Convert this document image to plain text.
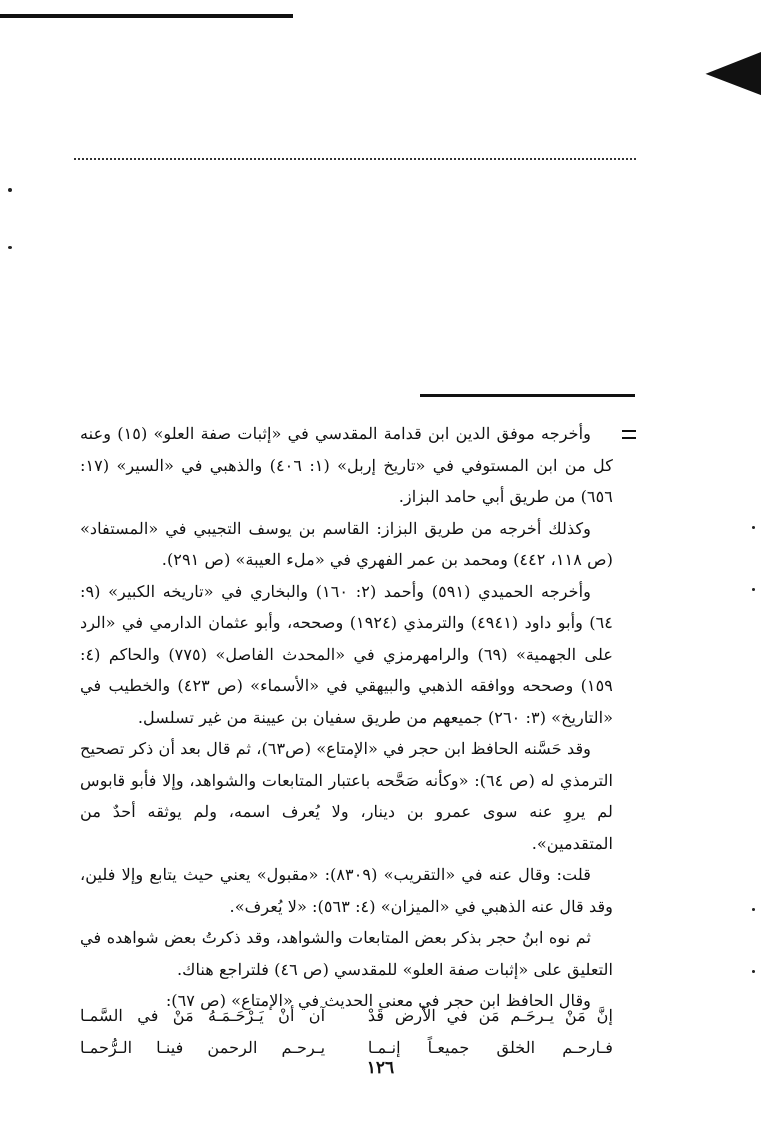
وأخرجه موفق الدين ابن قدامة المقدسي في «إثبات صفة العلو» (١٥) وعنه كل من ابن المستوفي في «تاريخ إربل» (١: ٤٠٦) والذهبي في «السير» (١٧: ٦٥٦) من طريق أبي حامد البزاز.

وكذلك أخرجه من طريق البزاز: القاسم بن يوسف التجيبي في «المستفاد» (ص ١١٨، ٤٤٢) ومحمد بن عمر الفهري في «ملء العيبة» (ص ٢٩١).

وأخرجه الحميدي (٥٩١) وأحمد (٢: ١٦٠) والبخاري في «تاريخه الكبير» (٩: ٦٤) وأبو داود (٤٩٤١) والترمذي (١٩٢٤) وصححه، وأبو عثمان الدارمي في «الرد على الجهمية» (٦٩) والرامهرمزي في «المحدث الفاصل» (٧٧٥) والحاكم (٤: ١٥٩) وصححه ووافقه الذهبي والبيهقي في «الأسماء» (ص ٤٢٣) والخطيب في «التاريخ» (٣: ٢٦٠) جميعهم من طريق سفيان بن عيينة من غير تسلسل.

وقد حَسَّنه الحافظ ابن حجر في «الإمتاع» (ص٦٣)، ثم قال بعد أن ذكر تصحيح الترمذي له (ص ٦٤): «وكأنه صَحَّحه باعتبار المتابعات والشواهد، وإلا فأبو قابوس لم يروِ عنه سوى عمرو بن دينار، ولا يُعرف اسمه، ولم يوثقه أحدٌ من المتقدمين».

قلت: وقال عنه في «التقريب» (٨٣٠٩): «مقبول» يعني حيث يتابع وإلا فلين، وقد قال عنه الذهبي في «الميزان» (٤: ٥٦٣): «لا يُعرف».

ثم نوه ابنُ حجر بذكر بعض المتابعات والشواهد، وقد ذكرتُ بعض شواهده في التعليق على «إثبات صفة العلو» للمقدسي (ص ٤٦) فلتراجع هناك.

وقال الحافظ ابن حجر في معنى الحديث في «الإمتاع» (ص ٦٧):

إنَّ مَنْ يـرحَـم مَن في الأرض قَدْ
آن أنْ يَـرْحَـمَـهُ مَنْ في السَّمـا
فـارحـم الخلق جميعـاً إنـمـا
يـرحـم الرحمن فينـا الـرُّحمـا
١٢٦
